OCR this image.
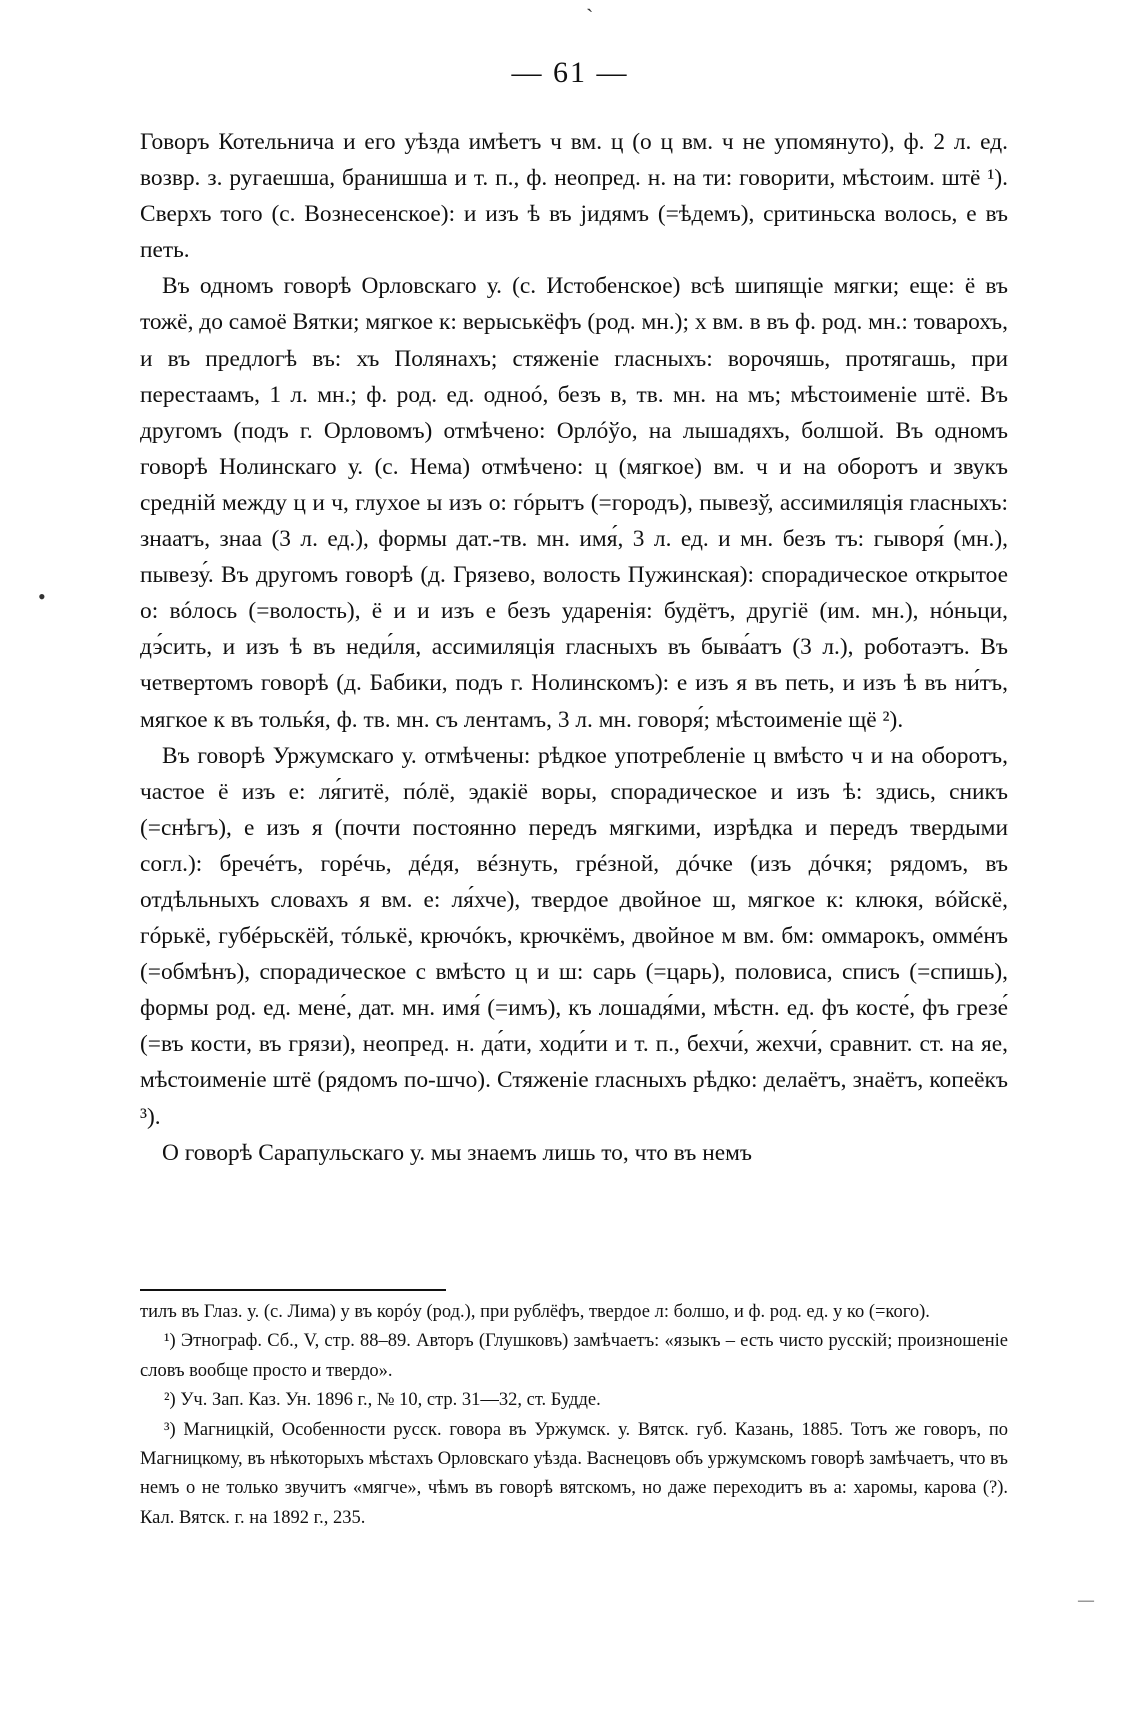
`
•
—
— 61 —

Говоръ Котельнича и его уѣзда имѣетъ ч вм. ц (о ц вм. ч не упомянуто), ф. 2 л. ед. возвр. з. ругаешша, бранишша и т. п., ф. неопред. н. на ти: говорити, мѣстоим. штё ¹). Сверхъ того (с. Вознесенское): и изъ ѣ въ јидямъ (=ѣдемъ), сритиньска волось, е въ петь.

Въ одномъ говорѣ Орловскаго у. (с. Истобенское) всѣ шипящіе мягки; еще: ё въ тожё, до самоё Вятки; мягкое к: верыськёфъ (род. мн.); х вм. в въ ф. род. мн.: товарохъ, и въ предлогѣ въ: хъ Полянахъ; стяженіе гласныхъ: ворочяшь, протягашь, при перестаамъ, 1 л. мн.; ф. род. ед. одноó, безъ в, тв. мн. на мъ; мѣстоименіе штё. Въ другомъ (подъ г. Орловомъ) отмѣчено: Орлóўо, на лышадяхъ, болшой. Въ одномъ говорѣ Нолинскаго у. (с. Нема) отмѣчено: ц (мягкое) вм. ч и на оборотъ и звукъ средній между ц и ч, глухое ы изъ о: гóрытъ (=городъ), пывезў, ассимиляція гласныхъ: знаатъ, знаа (3 л. ед.), формы дат.-тв. мн. имя́, 3 л. ед. и мн. безъ тъ: гыворя́ (мн.), пывезу́. Въ другомъ говорѣ (д. Грязево, волость Пужинская): спорадическое открытое о: вóлось (=волость), ё и и изъ е безъ ударенія: будётъ, другіё (им. мн.), нóньци, дэ́сить, и изъ ѣ въ неди́ля, ассимиляція гласныхъ въ быва́атъ (3 л.), роботаэтъ. Въ четвертомъ говорѣ (д. Бабики, подъ г. Нолинскомъ): е изъ я въ петь, и изъ ѣ въ ни́тъ, мягкое к въ тольќя, ф. тв. мн. съ лентамъ, 3 л. мн. говоря́; мѣстоименіе щё ²).

Въ говорѣ Уржумскаго у. отмѣчены: рѣдкое употребленіе ц вмѣсто ч и на оборотъ, частое ё изъ е: ля́гитё, пóлё, эдакіё воры, спорадическое и изъ ѣ: здись, сникъ (=снѣгъ), е изъ я (почти постоянно передъ мягкими, изрѣдка и передъ твердыми согл.): бречéтъ, горéчь, дéдя, вéзнуть, грéзной, дóчке (изъ дóчкя; рядомъ, въ отдѣльныхъ словахъ я вм. е: ля́хче), твердое двойное ш, мягкое к: клюкя, вóйскё, гóрькё, губéрьскёй, тóлькё, крючóкъ, крючкёмъ, двойное м вм. бм: оммарокъ, оммéнъ (=обмѣнъ), спорадическое с вмѣсто ц и ш: сарь (=царь), половиса, списъ (=спишь), формы род. ед. мене́, дат. мн. имя́ (=имъ), къ лошадя́ми, мѣстн. ед. фъ косте́, фъ грезе́ (=въ кости, въ грязи), неопред. н. да́ти, ходи́ти и т. п., бехчи́, жехчи́, сравнит. ст. на яе, мѣстоименіе штё (рядомъ по-шчо). Стяженіе гласныхъ рѣдко: делаётъ, знаётъ, копеёкъ ³).

О говорѣ Сарапульскаго у. мы знаемъ лишь то, что въ немъ

тилъ въ Глаз. у. (с. Лима) у въ корóу (род.), при рублёфъ, твердое л: болшо, и ф. род. ед. у ко (=кого).

¹) Этнограф. Сб., V, стр. 88–89. Авторъ (Глушковъ) замѣчаетъ: «языкъ – есть чисто русскій; произношеніе словъ вообще просто и твердо».

²) Уч. Зап. Каз. Ун. 1896 г., № 10, стр. 31—32, ст. Будде.

³) Магницкій, Особенности русск. говора въ Уржумск. у. Вятск. губ. Казань, 1885. Тотъ же говоръ, по Магницкому, въ нѣкоторыхъ мѣстахъ Орловскаго уѣзда. Васнецовъ объ уржумскомъ говорѣ замѣчаетъ, что въ немъ о не только звучитъ «мягче», чѣмъ въ говорѣ вятскомъ, но даже переходитъ въ а: харомы, карова (?). Кал. Вятск. г. на 1892 г., 235.
